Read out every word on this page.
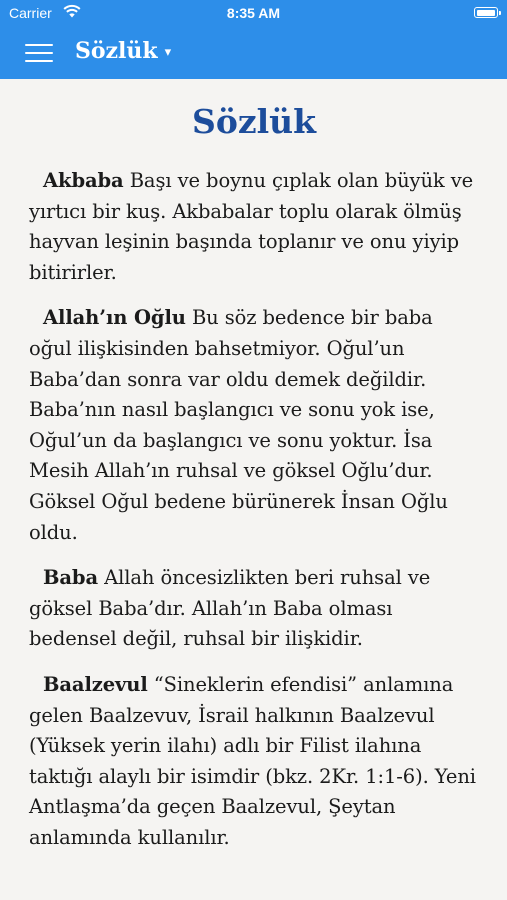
Carrier	8:35 AM
Sözlük ▾
Sözlük

Akbaba Başı ve boynu çıplak olan büyük ve yırtıcı bir kuş. Akbabalar toplu olarak ölmüş hayvan leşinin başında toplanır ve onu yiyip bitirirler.

Allah’ın Oğlu Bu söz bedence bir baba oğul ilişkisinden bahsetmiyor. Oğul’un Baba’dan sonra var oldu demek değildir. Baba’nın nasıl başlangıcı ve sonu yok ise, Oğul’un da başlangıcı ve sonu yoktur. İsa Mesih Allah’ın ruhsal ve göksel Oğlu’dur. Göksel Oğul bedene bürünerek İnsan Oğlu oldu.

Baba Allah öncesizlikten beri ruhsal ve göksel Baba’dır. Allah’ın Baba olması bedensel değil, ruhsal bir ilişkidir.

Baalzevul “Sineklerin efendisi” anlamına gelen Baalzevuv, İsrail halkının Baalzevul (Yüksek yerin ilahı) adlı bir Filist ilahına taktığı alaylı bir isimdir (bkz. 2Kr. 1:1-6). Yeni Antlaşma’da geçen Baalzevul, Şeytan anlamında kullanılır.
